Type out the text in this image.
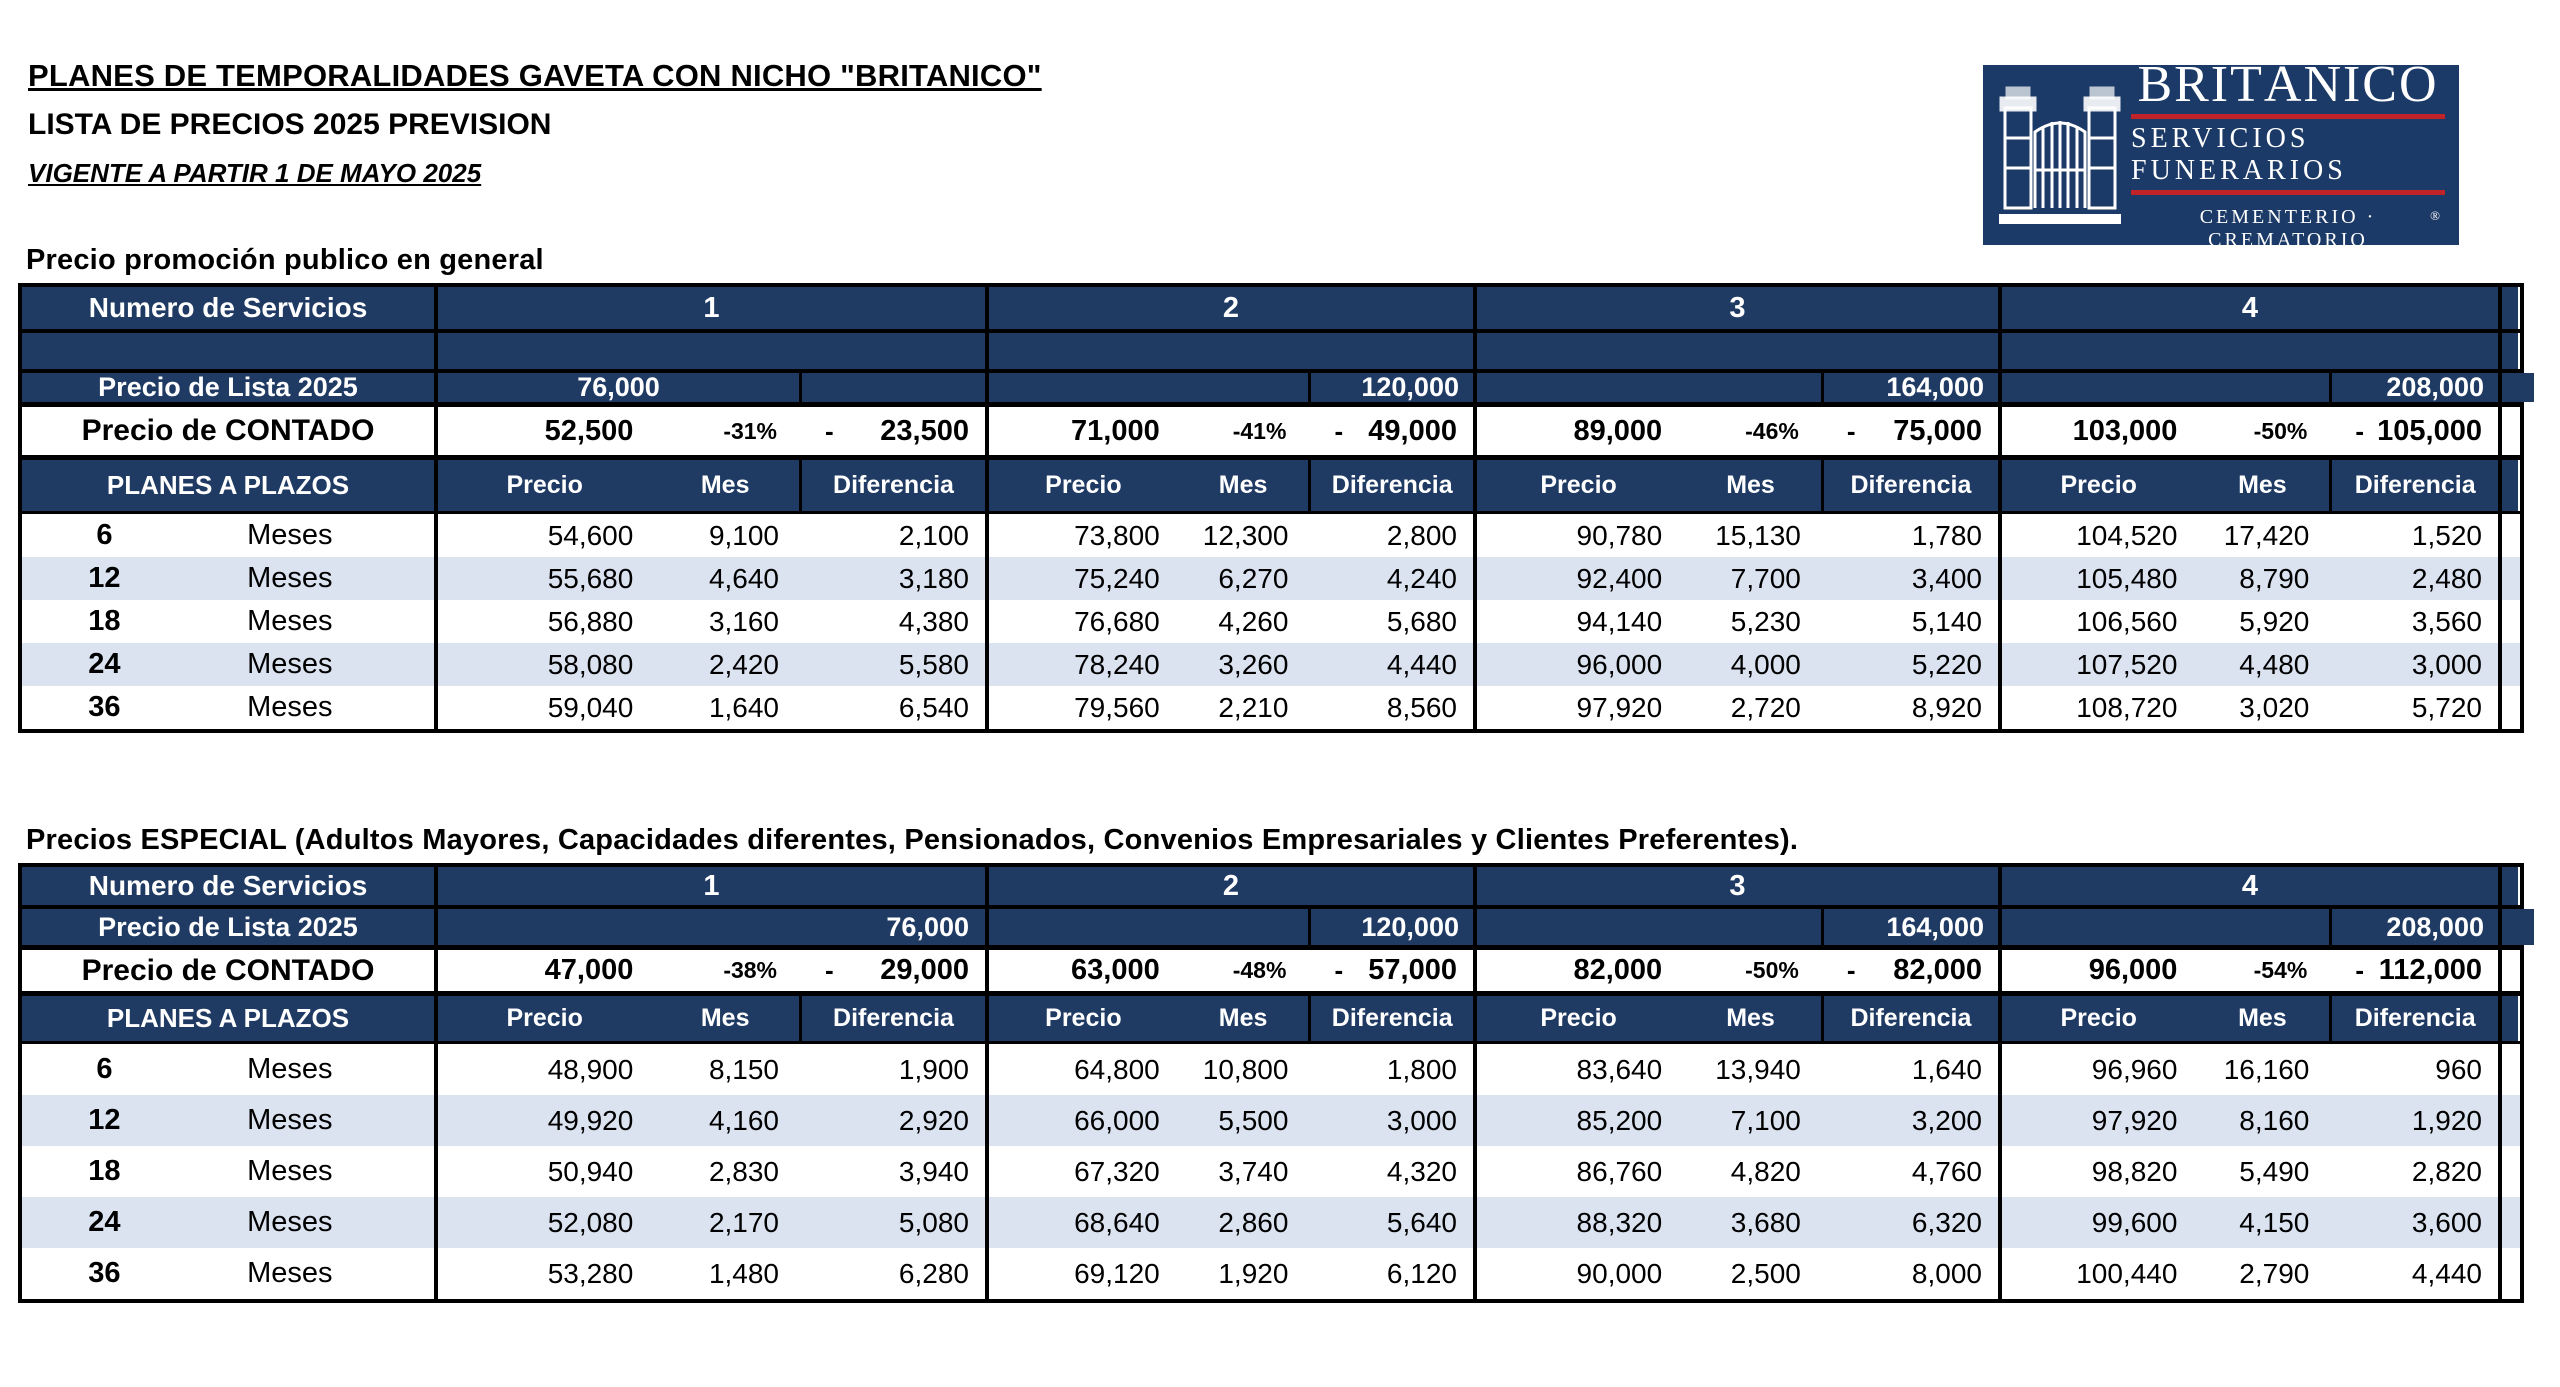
PLANES DE TEMPORALIDADES GAVETA CON NICHO "BRITANICO"
LISTA DE PRECIOS 2025 PREVISION
VIGENTE A PARTIR 1 DE MAYO 2025
BRITÁNICO
SERVICIOS FUNERARIOS
CEMENTERIO · CREMATORIO
®
Precio promoción publico en general
Numero de Servicios	1	2	3	4
Precio de Lista 2025	76,000	120,000	164,000	208,000
Precio de CONTADO	52,500	-31%	- 23,500	71,000	-41%	- 49,000	89,000	-46%	- 75,000	103,000	-50%	- 105,000
PLANES A PLAZOS	Precio	Mes	Diferencia	Precio	Mes	Diferencia	Precio	Mes	Diferencia	Precio	Mes	Diferencia
6	Meses	54,600	9,100	2,100	73,800	12,300	2,800	90,780	15,130	1,780	104,520	17,420	1,520
12	Meses	55,680	4,640	3,180	75,240	6,270	4,240	92,400	7,700	3,400	105,480	8,790	2,480
18	Meses	56,880	3,160	4,380	76,680	4,260	5,680	94,140	5,230	5,140	106,560	5,920	3,560
24	Meses	58,080	2,420	5,580	78,240	3,260	4,440	96,000	4,000	5,220	107,520	4,480	3,000
36	Meses	59,040	1,640	6,540	79,560	2,210	8,560	97,920	2,720	8,920	108,720	3,020	5,720
Precios ESPECIAL (Adultos Mayores, Capacidades diferentes, Pensionados, Convenios Empresariales y Clientes Preferentes).
Numero de Servicios	1	2	3	4
Precio de Lista 2025	76,000	120,000	164,000	208,000
Precio de CONTADO	47,000	-38%	- 29,000	63,000	-48%	- 57,000	82,000	-50%	- 82,000	96,000	-54%	- 112,000
PLANES A PLAZOS	Precio	Mes	Diferencia	Precio	Mes	Diferencia	Precio	Mes	Diferencia	Precio	Mes	Diferencia
6	Meses	48,900	8,150	1,900	64,800	10,800	1,800	83,640	13,940	1,640	96,960	16,160	960
12	Meses	49,920	4,160	2,920	66,000	5,500	3,000	85,200	7,100	3,200	97,920	8,160	1,920
18	Meses	50,940	2,830	3,940	67,320	3,740	4,320	86,760	4,820	4,760	98,820	5,490	2,820
24	Meses	52,080	2,170	5,080	68,640	2,860	5,640	88,320	3,680	6,320	99,600	4,150	3,600
36	Meses	53,280	1,480	6,280	69,120	1,920	6,120	90,000	2,500	8,000	100,440	2,790	4,440
